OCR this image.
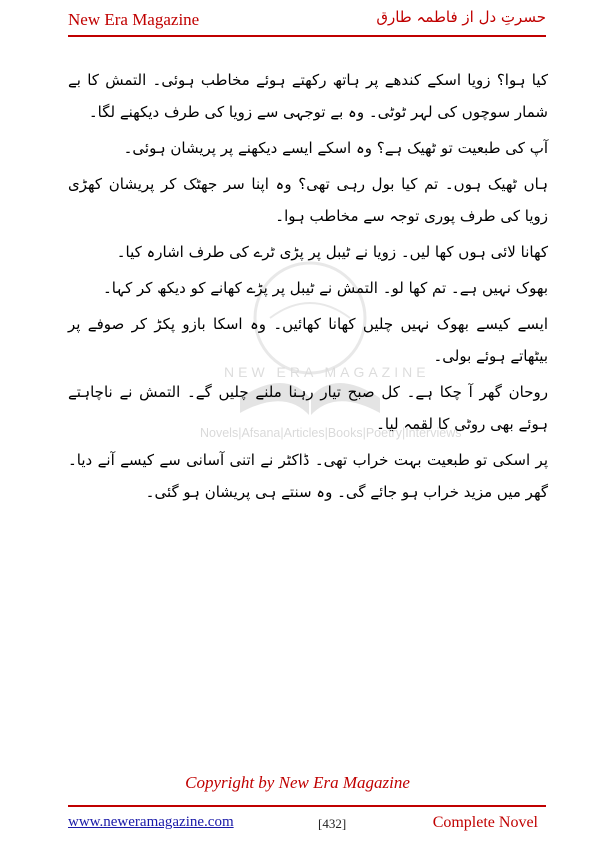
New Era Magazine	حسرتِ دل از فاطمہ طارق
NEW ERA MAGAZINE
Novels|Afsana|Articles|Books|Poetry|Interviews

کیا ہوا؟ زویا اسکے کندھے پر ہاتھ رکھتے ہوئے مخاطب ہوئی۔ التمش کا بے شمار سوچوں کی لہر ٹوٹی۔ وہ بے توجہی سے زویا کی طرف دیکھنے لگا۔

آپ کی طبعیت تو ٹھیک ہے؟ وہ اسکے ایسے دیکھنے پر پریشان ہوئی۔

ہاں ٹھیک ہوں۔ تم کیا بول رہی تھی؟ وہ اپنا سر جھٹک کر پریشان کھڑی زویا کی طرف پوری توجہ سے مخاطب ہوا۔

کھانا لائی ہوں کھا لیں۔ زویا نے ٹیبل پر پڑی ٹرے کی طرف اشارہ کیا۔

بھوک نہیں ہے۔ تم کھا لو۔ التمش نے ٹیبل پر پڑے کھانے کو دیکھ کر کہا۔

ایسے کیسے بھوک نہیں چلیں کھانا کھائیں۔ وہ اسکا بازو پکڑ کر صوفے پر بیٹھاتے ہوئے بولی۔

روحان گھر آ چکا ہے۔ کل صبح تیار رہنا ملنے چلیں گے۔ التمش نے ناچاہتے ہوئے بھی روٹی کا لقمہ لیا۔

پر اسکی تو طبعیت بہت خراب تھی۔ ڈاکٹر نے اتنی آسانی سے کیسے آنے دیا۔ گھر میں مزید خراب ہو جائے گی۔ وہ سنتے ہی پریشان ہو گئی۔

Copyright by New Era Magazine
www.neweramagazine.com	[432]	Complete Novel
